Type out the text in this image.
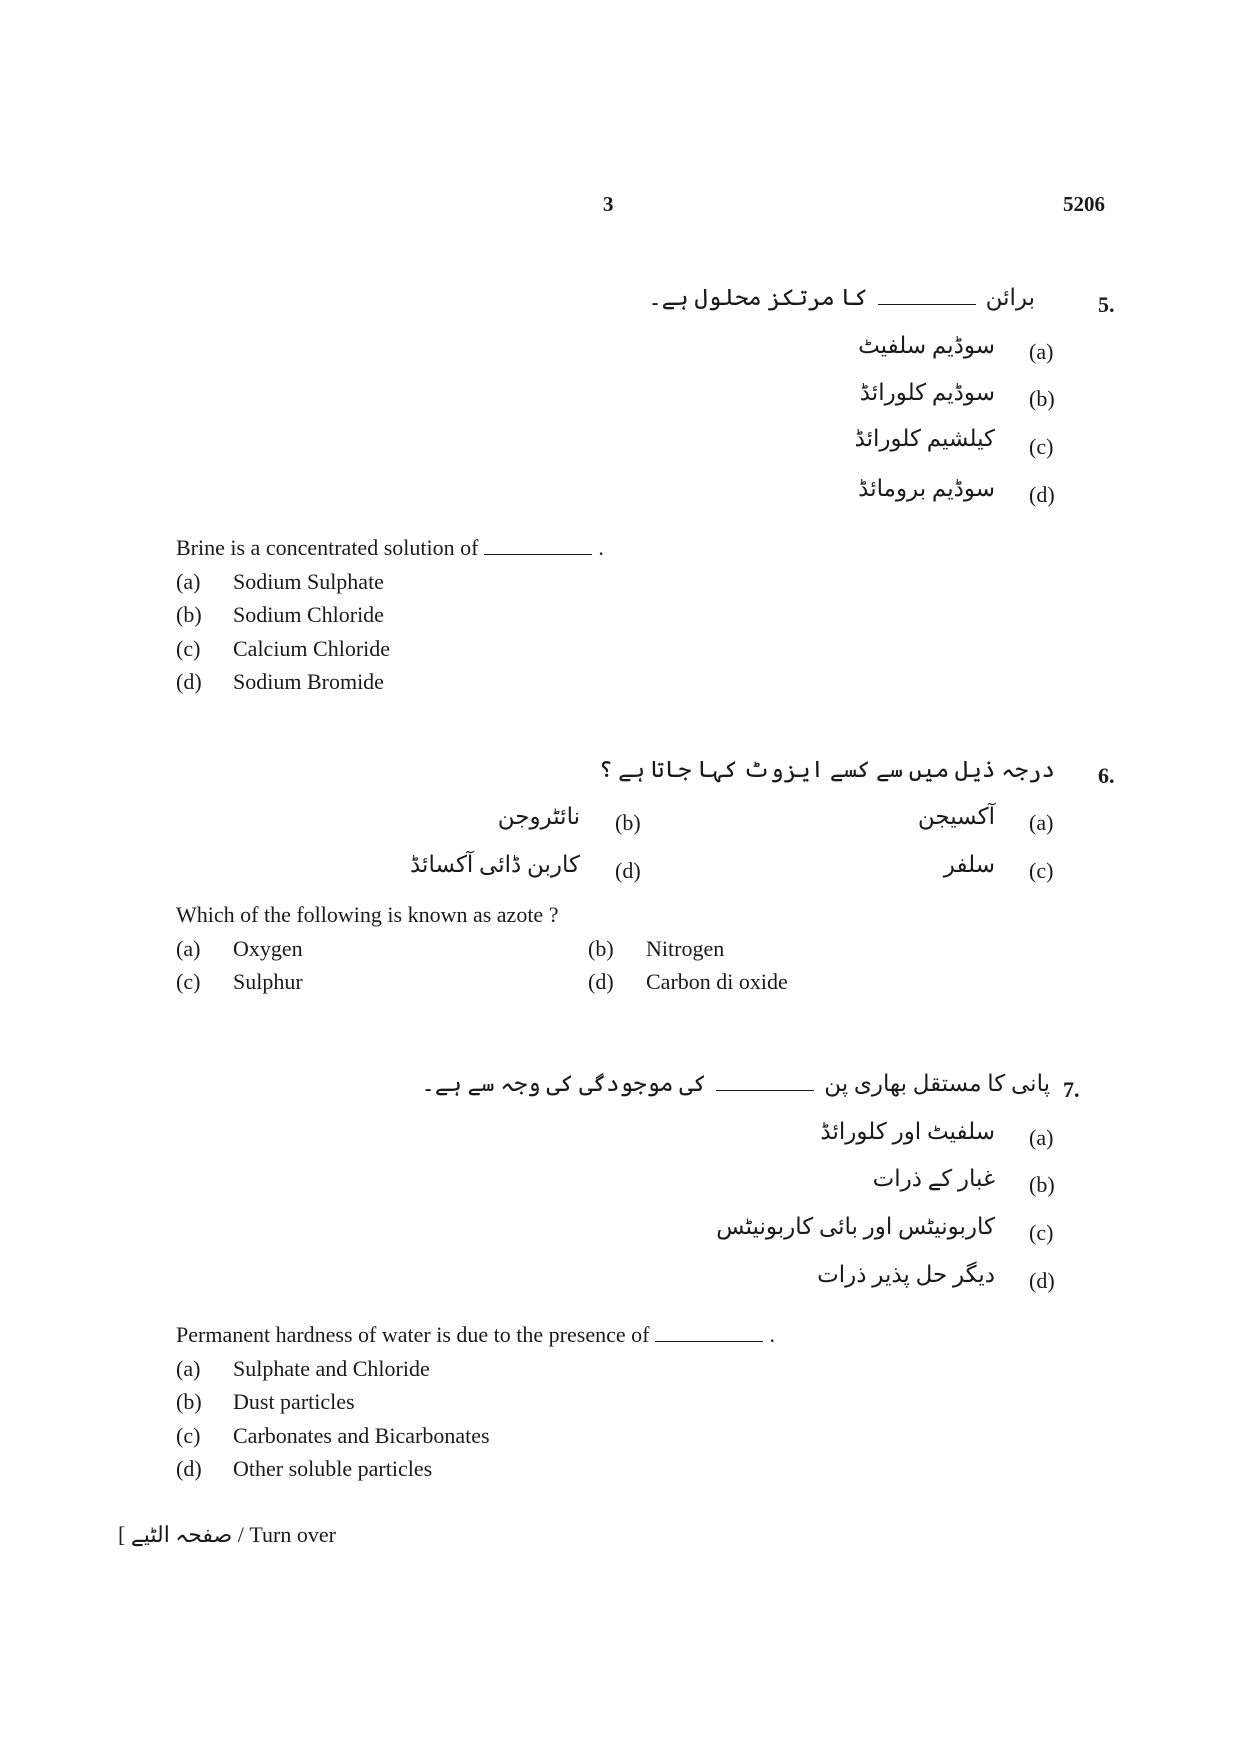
3	5206
5.
برائنکا مرتکز محلول ہے۔
(a)
سوڈیم سلفیٹ
(b)
سوڈیم کلورائڈ
(c)
کیلشیم کلورائڈ
(d)
سوڈیم برومائڈ
Brine is a concentrated solution of	.
(a) Sodium Sulphate
(b) Sodium Chloride
(c) Calcium Chloride
(d) Sodium Bromide
6.
درجہ ذیل میں سے کسے ایزوٹ کہا جاتا ہے ؟
(a)
آکسیجن
(b)
نائٹروجن
(c)
سلفر
(d)
کاربن ڈائی آکسائڈ
Which of the following is known as azote ?
(a) Oxygen	(b) Nitrogen
(c) Sulphur	(d) Carbon di oxide
7.
پانی کا مستقل بھاری پنکی موجودگی کی وجہ سے ہے۔
(a)
سلفیٹ اور کلورائڈ
(b)
غبار کے ذرات
(c)
کاربونیٹس اور بائی کاربونیٹس
(d)
دیگر حل پذیر ذرات
Permanent hardness of water is due to the presence of	.
(a) Sulphate and Chloride
(b) Dust particles
(c) Carbonates and Bicarbonates
(d) Other soluble particles
[ صفحہ الٹیے / Turn over
